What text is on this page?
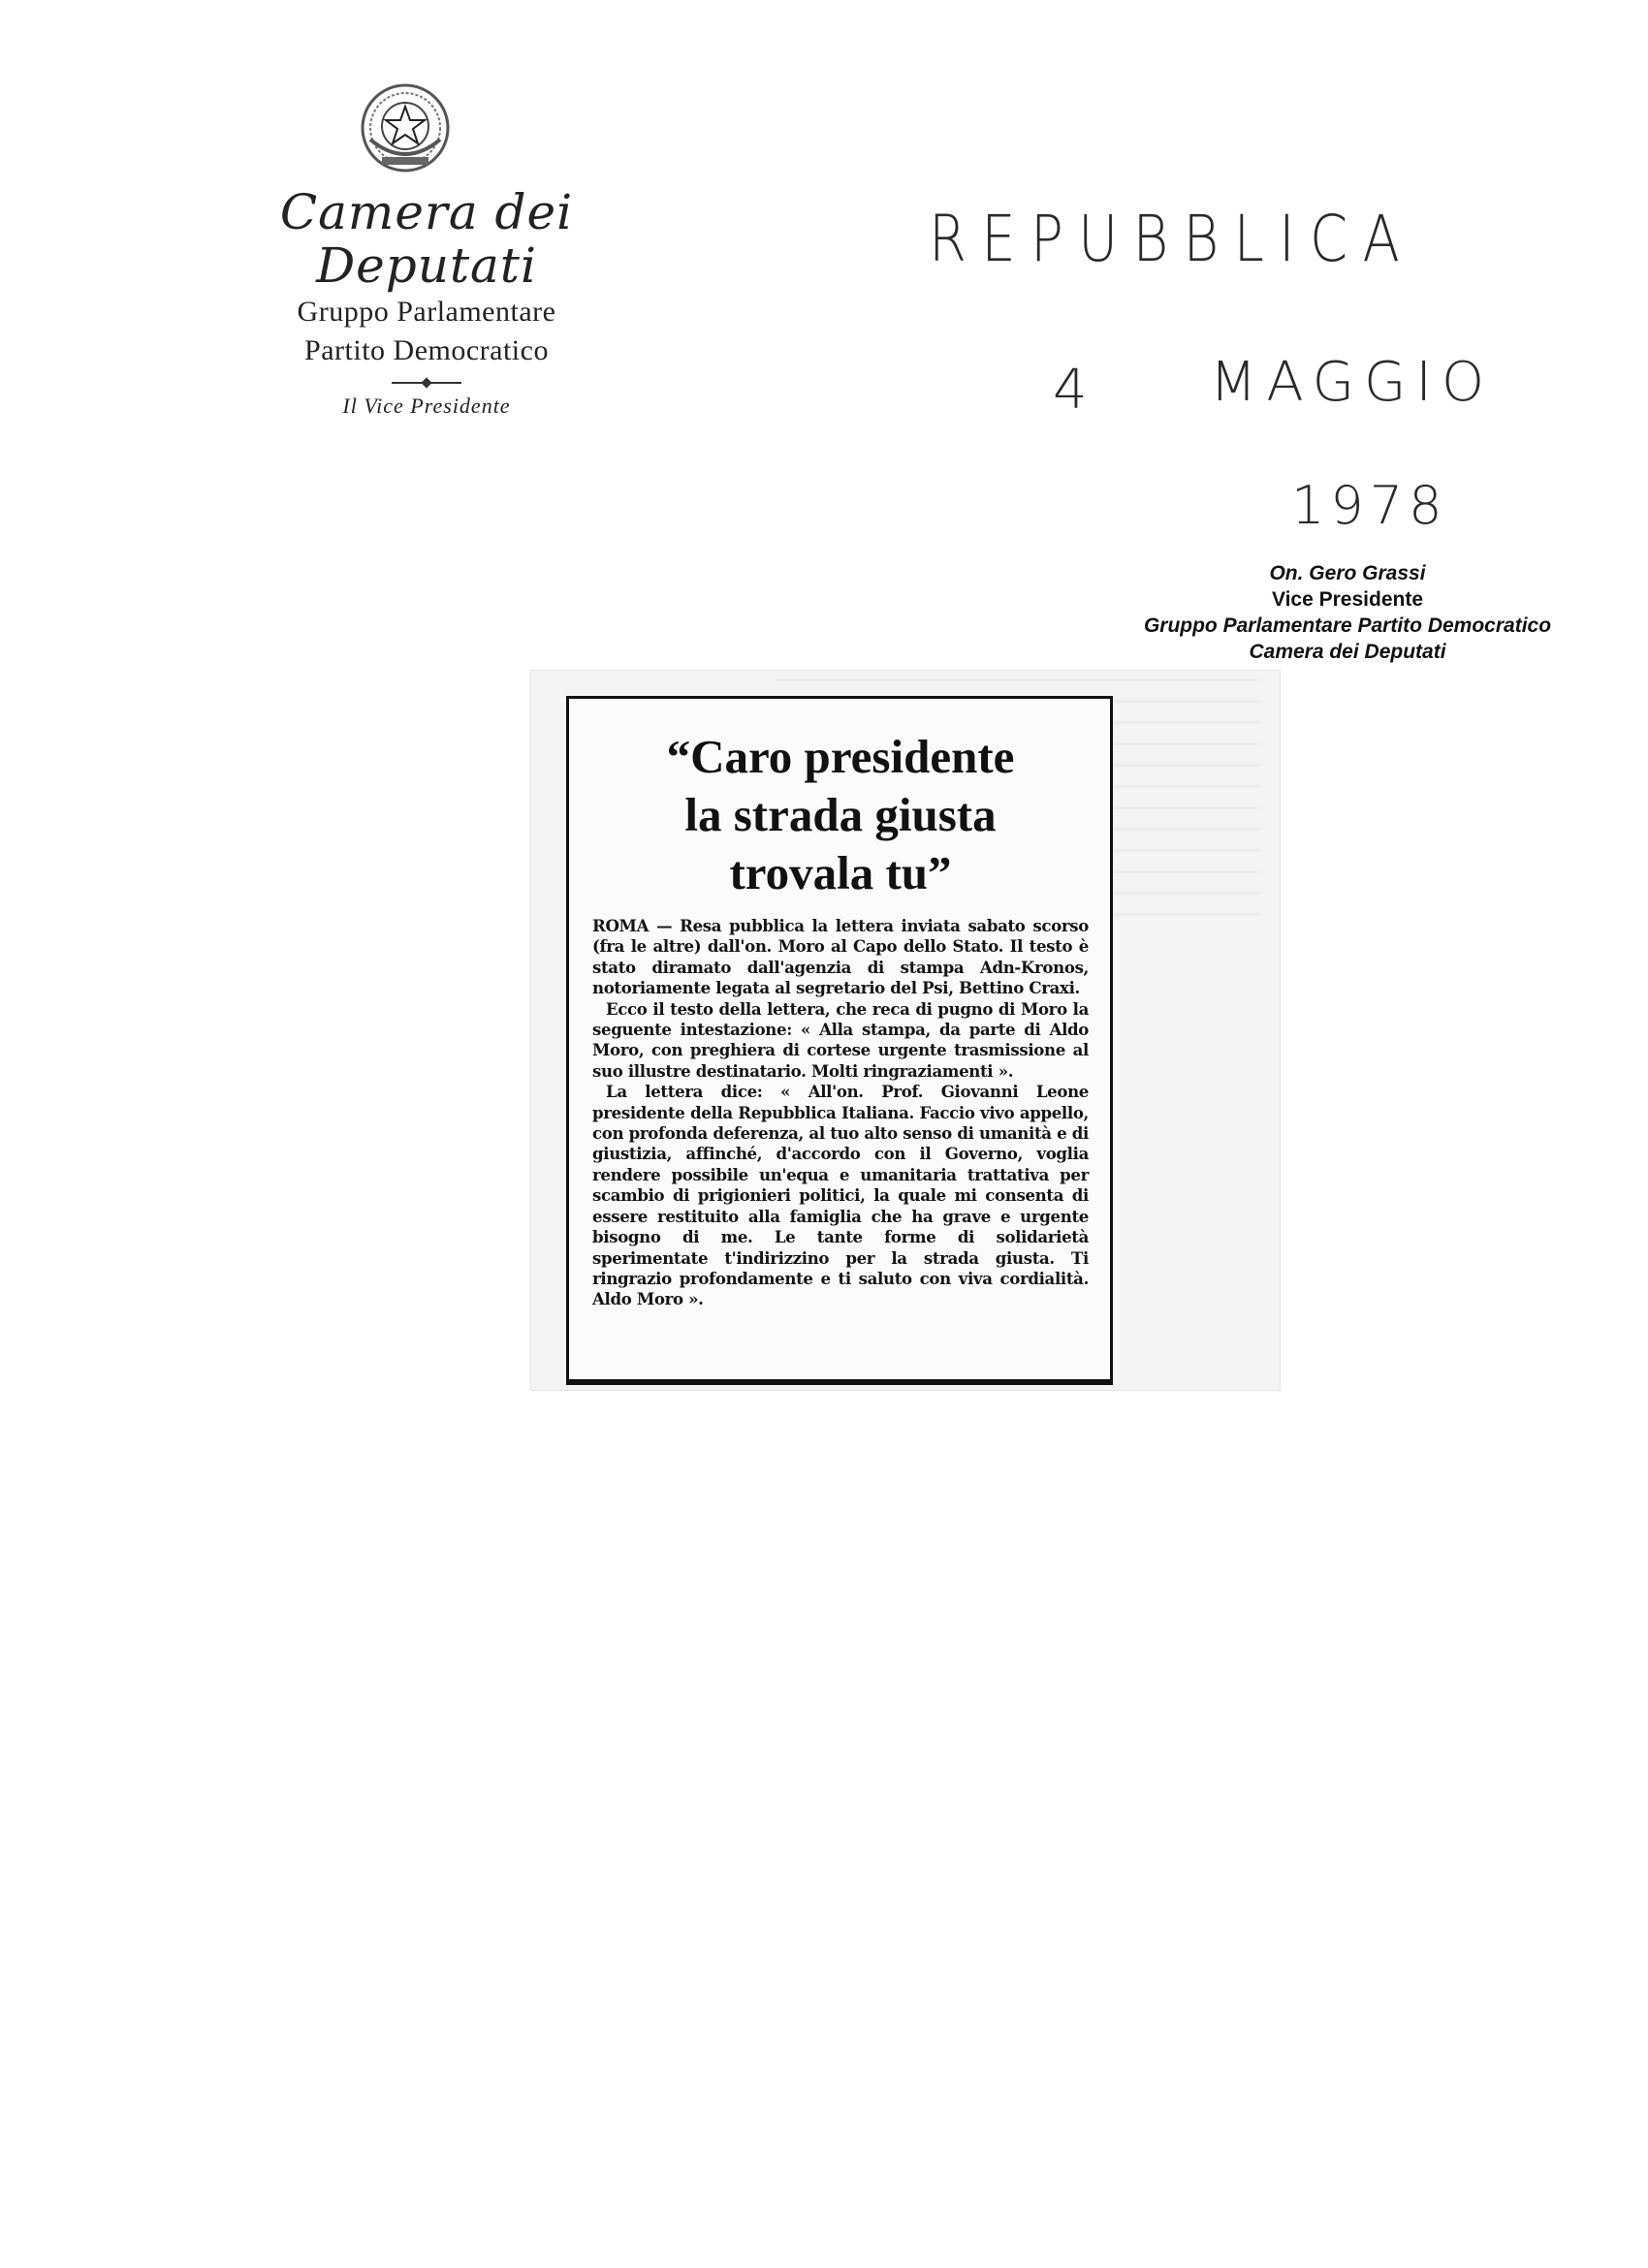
Camera dei Deputati
Gruppo Parlamentare
Partito Democratico
Il Vice Presidente
REPUBBLICA
4 MAGGIO
1978
On. Gero Grassi
Vice Presidente
Gruppo Parlamentare Partito Democratico
Camera dei Deputati
“Caro presidente
la strada giusta
trovala tu”

ROMA — Resa pubblica la lettera inviata sabato scorso (fra le altre) dall'on. Moro al Capo dello Stato. Il testo è stato diramato dall'agenzia di stampa Adn-Kronos, notoriamente legata al segretario del Psi, Bettino Craxi.

Ecco il testo della lettera, che reca di pugno di Moro la seguente intestazione: « Alla stampa, da parte di Aldo Moro, con preghiera di cortese urgente trasmissione al suo illustre destinatario. Molti ringraziamenti ».

La lettera dice: « All'on. Prof. Giovanni Leone presidente della Repubblica Italiana. Faccio vivo appello, con profonda deferenza, al tuo alto senso di umanità e di giustizia, affinché, d'accordo con il Governo, voglia rendere possibile un'equa e umanitaria trattativa per scambio di prigionieri politici, la quale mi consenta di essere restituito alla famiglia che ha grave e urgente bisogno di me. Le tante forme di solidarietà sperimentate t'indirizzino per la strada giusta. Ti ringrazio profondamente e ti saluto con viva cordialità. Aldo Moro ».
